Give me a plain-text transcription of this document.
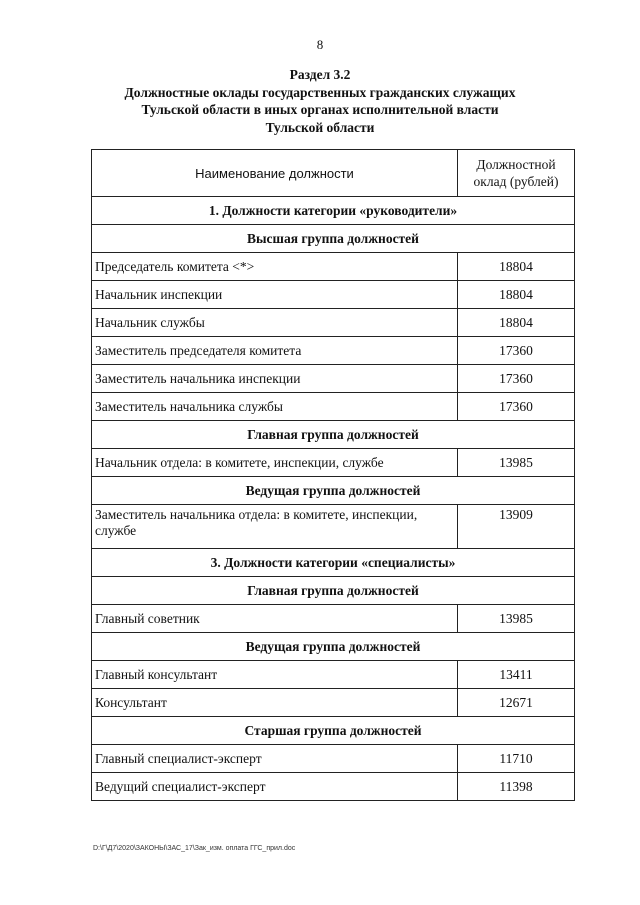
8
Раздел 3.2
Должностные оклады государственных гражданских служащих
Тульской области в иных органах исполнительной власти
Тульской области
Наименование должности	Должностной
оклад (рублей)
1. Должности категории «руководители»	
Высшая группа должностей	
Председатель комитета <*>	18804
Начальник инспекции	18804
Начальник службы	18804
Заместитель председателя комитета	17360
Заместитель начальника инспекции	17360
Заместитель начальника службы	17360
Главная группа должностей	
Начальник отдела: в комитете, инспекции, службе	13985
Ведущая группа должностей	
Заместитель начальника отдела: в комитете, инспекции, службе	13909
3. Должности категории «специалисты»	
Главная группа должностей	
Главный советник	13985
Ведущая группа должностей	
Главный консультант	13411
Консультант	12671
Старшая группа должностей	
Главный специалист-эксперт	11710
Ведущий специалист-эксперт	11398
D:\Г\Д7\2020\ЗАКОНЫ\ЗАС_17\Зак_изм. оплата ГГС_прил.doc
